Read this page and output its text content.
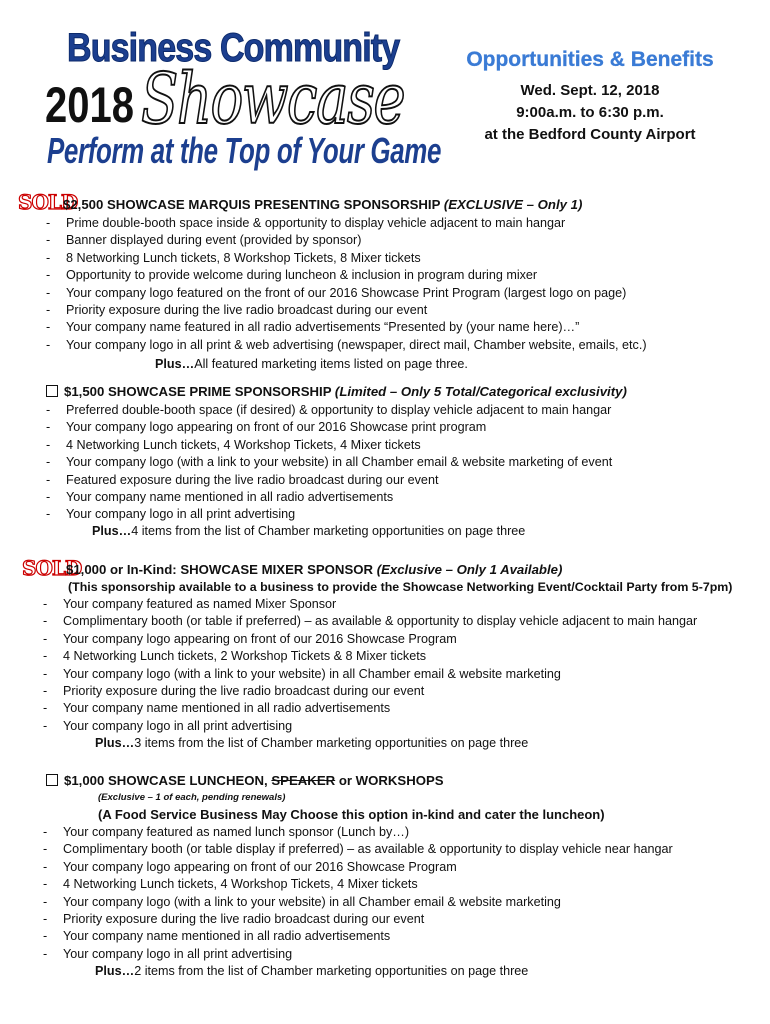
Business Community
2018 Showcase
Perform at the Top of Your Game
Opportunities & Benefits
Wed. Sept. 12, 2018
9:00a.m. to 6:30 p.m.
at the Bedford County Airport
SOLD
$2,500 SHOWCASE MARQUIS PRESENTING SPONSORSHIP (EXCLUSIVE – Only 1)
- Prime double-booth space inside & opportunity to display vehicle adjacent to main hangar
- Banner displayed during event (provided by sponsor)
- 8 Networking Lunch tickets, 8 Workshop Tickets, 8 Mixer tickets
- Opportunity to provide welcome during luncheon & inclusion in program during mixer
- Your company logo featured on the front of our 2016 Showcase Print Program (largest logo on page)
- Priority exposure during the live radio broadcast during our event
- Your company name featured in all radio advertisements “Presented by (your name here)…”
- Your company logo in all print & web advertising (newspaper, direct mail, Chamber website, emails, etc.)
Plus…All featured marketing items listed on page three.
$1,500 SHOWCASE PRIME SPONSORSHIP (Limited – Only 5 Total/Categorical exclusivity)
- Preferred double-booth space (if desired) & opportunity to display vehicle adjacent to main hangar
- Your company logo appearing on front of our 2016 Showcase print program
- 4 Networking Lunch tickets, 4 Workshop Tickets, 4 Mixer tickets
- Your company logo (with a link to your website) in all Chamber email & website marketing of event
- Featured exposure during the live radio broadcast during our event
- Your company name mentioned in all radio advertisements
- Your company logo in all print advertising
Plus…4 items from the list of Chamber marketing opportunities on page three
SOLD
$1,000 or In-Kind: SHOWCASE MIXER SPONSOR (Exclusive – Only 1 Available)
(This sponsorship available to a business to provide the Showcase Networking Event/Cocktail Party from 5-7pm)
- Your company featured as named Mixer Sponsor
- Complimentary booth (or table if preferred) – as available & opportunity to display vehicle adjacent to main hangar
- Your company logo appearing on front of our 2016 Showcase Program
- 4 Networking Lunch tickets, 2 Workshop Tickets & 8 Mixer tickets
- Your company logo (with a link to your website) in all Chamber email & website marketing
- Priority exposure during the live radio broadcast during our event
- Your company name mentioned in all radio advertisements
- Your company logo in all print advertising
Plus…3 items from the list of Chamber marketing opportunities on page three
$1,000 SHOWCASE LUNCHEON, SPEAKER or WORKSHOPS
(Exclusive – 1 of each, pending renewals)
(A Food Service Business May Choose this option in-kind and cater the luncheon)
- Your company featured as named lunch sponsor (Lunch by…)
- Complimentary booth (or table display if preferred) – as available & opportunity to display vehicle near hangar
- Your company logo appearing on front of our 2016 Showcase Program
- 4 Networking Lunch tickets, 4 Workshop Tickets, 4 Mixer tickets
- Your company logo (with a link to your website) in all Chamber email & website marketing
- Priority exposure during the live radio broadcast during our event
- Your company name mentioned in all radio advertisements
- Your company logo in all print advertising
Plus…2 items from the list of Chamber marketing opportunities on page three
